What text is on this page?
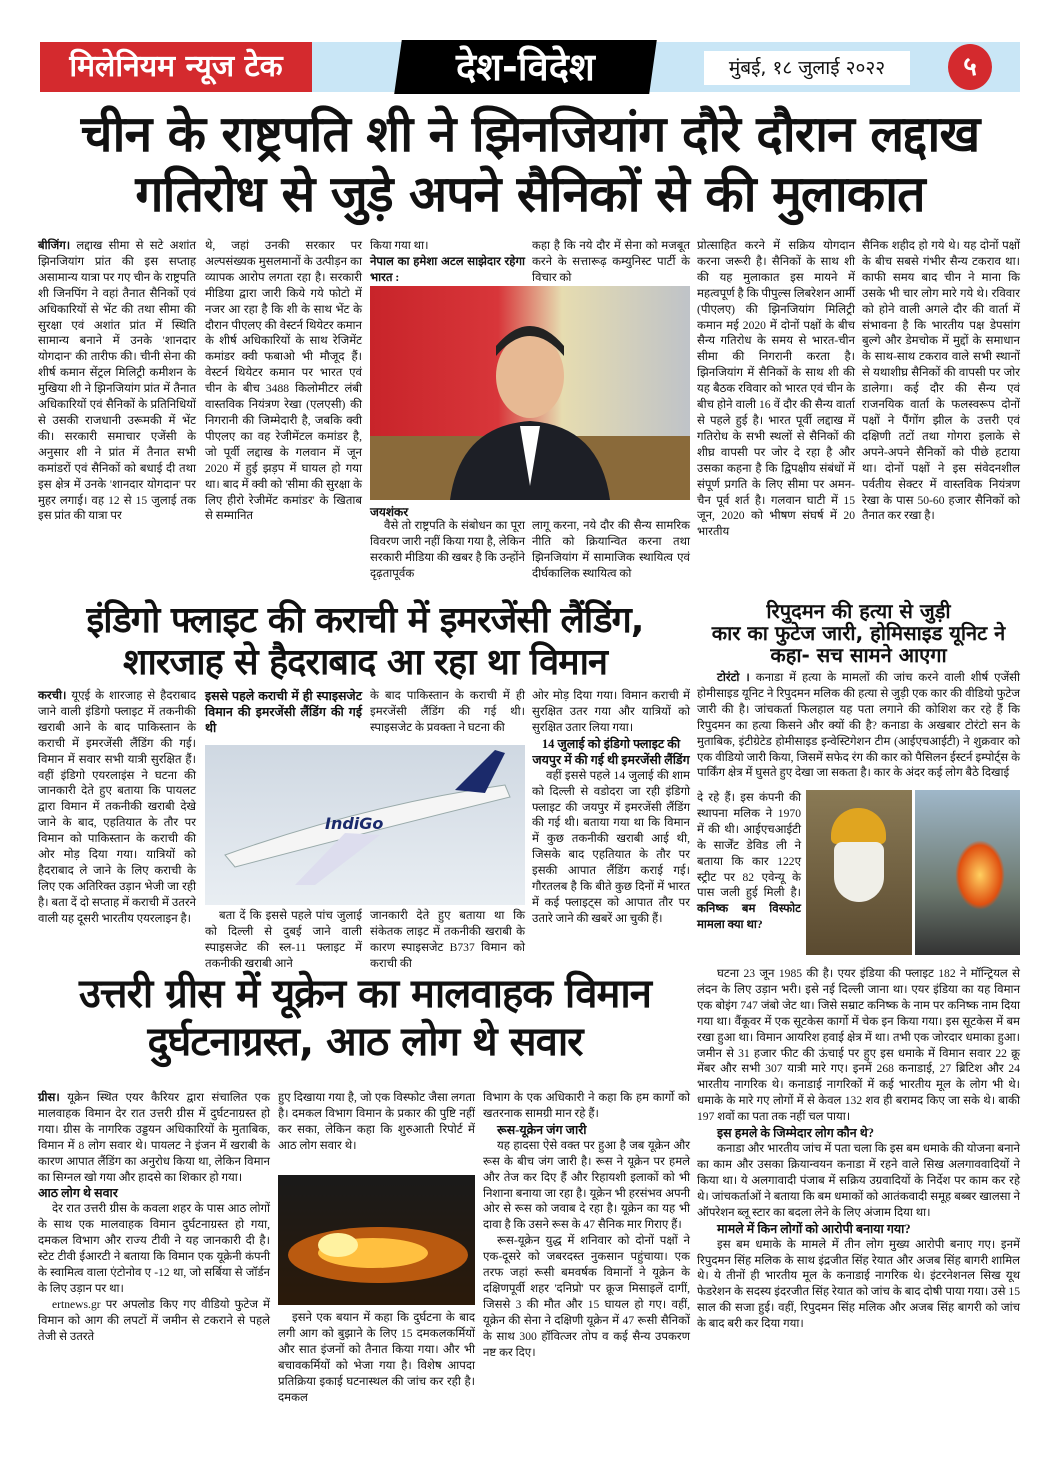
मिलेनियम न्यूज टेक	देश-विदेश	मुंबई, १८ जुलाई २०२२	५
चीन के राष्ट्रपति शी ने झिनजियांग दौरे दौरान लद्दाख
गतिरोध से जुड़े अपने सैनिकों से की मुलाकात
बीजिंग। लद्दाख सीमा से सटे अशांत झिनजियांग प्रांत की इस सप्ताह असामान्य यात्रा पर गए चीन के राष्ट्रपति शी जिनपिंग ने वहां तैनात सैनिकों एवं अधिकारियों से भेंट की तथा सीमा की सुरक्षा एवं अशांत प्रांत में स्थिति सामान्य बनाने में उनके 'शानदार योगदान' की तारीफ की। चीनी सेना की शीर्ष कमान सेंट्रल मिलिट्री कमीशन के मुखिया शी ने झिनजियांग प्रांत में तैनात अधिकारियों एवं सैनिकों के प्रतिनिधियों से उसकी राजधानी उरूमकी में भेंट की। सरकारी समाचार एजेंसी के अनुसार शी ने प्रांत में तैनात सभी कमांडरों एवं सैनिकों को बधाई दी तथा इस क्षेत्र में उनके 'शानदार योगदान' पर मुहर लगाई। वह 12 से 15 जुलाई तक इस प्रांत की यात्रा पर
थे, जहां उनकी सरकार पर अल्पसंख्यक मुसलमानों के उत्पीड़न का व्यापक आरोप लगता रहा है। सरकारी मीडिया द्वारा जारी किये गये फोटो में नजर आ रहा है कि शी के साथ भेंट के दौरान पीएलए की वेस्टर्न थियेटर कमान के शीर्ष अधिकारियों के साथ रेजिमेंट कमांडर क्वी फबाओ भी मौजूद हैं। वेस्टर्न थियेटर कमान पर भारत एवं चीन के बीच 3488 किलोमीटर लंबी वास्तविक नियंत्रण रेखा (एलएसी) की निगरानी की जिम्मेदारी है, जबकि क्वी पीएलए का वह रेजीमेंटल कमांडर है, जो पूर्वी लद्दाख के गलवान में जून 2020 में हुई झड़प में घायल हो गया था। बाद में क्वी को 'सीमा की सुरक्षा के लिए हीरो रेजीमेंट कमांडर' के खिताब से सम्मानित
किया गया था।
नेपाल का हमेशा अटल साझेदार रहेगा भारत :
कहा है कि नये दौर में सेना को मजबूत करने के सत्तारूढ़ कम्युनिस्ट पार्टी के विचार को
जयशंकर
वैसे तो राष्ट्रपति के संबोधन का पूरा विवरण जारी नहीं किया गया है, लेकिन सरकारी मीडिया की खबर है कि उन्होंने दृढ़तापूर्वक
लागू करना, नये दौर की सैन्य सामरिक नीति को क्रियान्वित करना तथा झिनजियांग में सामाजिक स्थायित्व एवं दीर्घकालिक स्थायित्व को
प्रोत्साहित करने में सक्रिय योगदान करना जरूरी है। सैनिकों के साथ शी की यह मुलाकात इस मायने में महत्वपूर्ण है कि पीपुल्स लिबरेशन आर्मी (पीएलए) की झिनजियांग मिलिट्री कमान मई 2020 में दोनों पक्षों के बीच सैन्य गतिरोध के समय से भारत-चीन सीमा की निगरानी करता है। झिनजियांग में सैनिकों के साथ शी की यह बैठक रविवार को भारत एवं चीन के बीच होने वाली 16 वें दौर की सैन्य वार्ता से पहले हुई है। भारत पूर्वी लद्दाख में गतिरोध के सभी स्थलों से सैनिकों की शीघ्र वापसी पर जोर दे रहा है और उसका कहना है कि द्विपक्षीय संबंधों में संपूर्ण प्रगति के लिए सीमा पर अमन-चैन पूर्व शर्त है। गलवान घाटी में 15 जून, 2020 को भीषण संघर्ष में 20 भारतीय
सैनिक शहीद हो गये थे। यह दोनों पक्षों के बीच सबसे गंभीर सैन्य टकराव था। काफी समय बाद चीन ने माना कि उसके भी चार लोग मारे गये थे। रविवार को होने वाली अगले दौर की वार्ता में संभावना है कि भारतीय पक्ष डेपसांग बुल्गे और डेमचोक में मुद्दों के समाधान के साथ-साथ टकराव वाले सभी स्थानों से यथाशीघ्र सैनिकों की वापसी पर जोर डालेगा। कई दौर की सैन्य एवं राजनयिक वार्ता के फलस्वरूप दोनों पक्षों ने पैंगोंग झील के उत्तरी एवं दक्षिणी तटों तथा गोगरा इलाके से अपने-अपने सैनिकों को पीछे हटाया था। दोनों पक्षों ने इस संवेदनशील पर्वतीय सेक्टर में वास्तविक नियंत्रण रेखा के पास 50-60 हजार सैनिकों को तैनात कर रखा है।
इंडिगो फ्लाइट की कराची में इमरजेंसी लैंडिंग,
शारजाह से हैदराबाद आ रहा था विमान
करची। यूएई के शारजाह से हैदराबाद जाने वाली इंडिगो फ्लाइट में तकनीकी खराबी आने के बाद पाकिस्तान के कराची में इमरजेंसी लैंडिंग की गई। विमान में सवार सभी यात्री सुरक्षित हैं। वहीं इंडिगो एयरलाइंस ने घटना की जानकारी देते हुए बताया कि पायलट द्वारा विमान में तकनीकी खराबी देखे जाने के बाद, एहतियात के तौर पर विमान को पाकिस्तान के कराची की ओर मोड़ दिया गया। यात्रियों को हैदराबाद ले जाने के लिए कराची के लिए एक अतिरिक्त उड़ान भेजी जा रही है। बता दें दो सप्ताह में कराची में उतरने वाली यह दूसरी भारतीय एयरलाइन है।
इससे पहले कराची में ही स्पाइसजेट विमान की इमरजेंसी लैंडिंग की गई थी
के बाद पाकिस्तान के कराची में ही इमरजेंसी लैंडिंग की गई थी। स्पाइसजेट के प्रवक्ता ने घटना की
IndiGo
बता दें कि इससे पहले पांच जुलाई को दिल्ली से दुबई जाने वाली स्पाइसजेट की स्ल-11 फ्लाइट में तकनीकी खराबी आने
जानकारी देते हुए बताया था कि संकेतक लाइट में तकनीकी खराबी के कारण स्पाइसजेट B737 विमान को कराची की
ओर मोड़ दिया गया। विमान कराची में सुरक्षित उतर गया और यात्रियों को सुरक्षित उतार लिया गया।
14 जुलाई को इंडिगो फ्लाइट की जयपुर में की गई थी इमरजेंसी लैंडिंग
वहीं इससे पहले 14 जुलाई की शाम को दिल्ली से वडोदरा जा रही इंडिगो फ्लाइट की जयपुर में इमरजेंसी लैंडिंग की गई थी। बताया गया था कि विमान में कुछ तकनीकी खराबी आई थी, जिसके बाद एहतियात के तौर पर इसकी आपात लैंडिंग कराई गई। गौरतलब है कि बीते कुछ दिनों में भारत में कई फ्लाइट्स को आपात तौर पर उतारे जाने की खबरें आ चुकी हैं।
रिपुदमन की हत्या से जुड़ी
कार का फुटेज जारी, होमिसाइड यूनिट ने
कहा- सच सामने आएगा
टोरंटो । कनाडा में हत्या के मामलों की जांच करने वाली शीर्ष एजेंसी होमीसाइड यूनिट ने रिपुदमन मलिक की हत्या से जुड़ी एक कार की वीडियो फुटेज जारी की है। जांचकर्ता फिलहाल यह पता लगाने की कोशिश कर रहे हैं कि रिपुदमन का हत्या किसने और क्यों की है? कनाडा के अखबार टोरंटो सन के मुताबिक, इंटीग्रेटेड होमीसाइड इन्वेस्टिगेशन टीम (आईएचआईटी) ने शुक्रवार को एक वीडियो जारी किया, जिसमें सफेद रंग की कार को पैसिलन ईस्टर्न इम्पोर्ट्स के पार्किंग क्षेत्र में घुसते हुए देखा जा सकता है। कार के अंदर कई लोग बैठे दिखाई
दे रहे हैं। इस कंपनी की स्थापना मलिक ने 1970 में की थी। आईएचआईटी के सार्जेंट डेविड ली ने बताया कि कार 122ए स्ट्रीट पर 82 एवेन्यू के पास जली हुई मिली है। कनिष्क बम विस्फोट मामला क्या था?
घटना 23 जून 1985 की है। एयर इंडिया की फ्लाइट 182 ने मॉन्ट्रियल से लंदन के लिए उड़ान भरी। इसे नई दिल्ली जाना था। एयर इंडिया का यह विमान एक बोइंग 747 जंबो जेट था। जिसे सम्राट कनिष्क के नाम पर कनिष्क नाम दिया गया था। वैंकूवर में एक सूटकेस कार्गो में चेक इन किया गया। इस सूटकेस में बम रखा हुआ था। विमान आयरिश हवाई क्षेत्र में था। तभी एक जोरदार धमाका हुआ। जमीन से 31 हजार फीट की ऊंचाई पर हुए इस धमाके में विमान सवार 22 क्रू मेंबर और सभी 307 यात्री मारे गए। इनमें 268 कनाडाई, 27 ब्रिटिश और 24 भारतीय नागरिक थे। कनाडाई नागरिकों में कई भारतीय मूल के लोग भी थे। धमाके के मारे गए लोगों में से केवल 132 शव ही बरामद किए जा सके थे। बाकी 197 शवों का पता तक नहीं चल पाया।
इस हमले के जिम्मेदार लोग कौन थे?
कनाडा और भारतीय जांच में पता चला कि इस बम धमाके की योजना बनाने का काम और उसका क्रियान्वयन कनाडा में रहने वाले सिख अलगाववादियों ने किया था। ये अलगावादी पंजाब में सक्रिय उग्रवादियों के निर्देश पर काम कर रहे थे। जांचकर्ताओं ने बताया कि बम धमाकों को आतंकवादी समूह बब्बर खालसा ने ऑपरेशन ब्लू स्टार का बदला लेने के लिए अंजाम दिया था।
मामले में किन लोगों को आरोपी बनाया गया?
इस बम धमाके के मामले में तीन लोग मुख्य आरोपी बनाए गए। इनमें रिपुदमन सिंह मलिक के साथ इंद्रजीत सिंह रेयात और अजब सिंह बागरी शामिल थे। ये तीनों ही भारतीय मूल के कनाडाई नागरिक थे। इंटरनेशनल सिख यूथ फेडरेशन के सदस्य इंदरजीत सिंह रेयात को जांच के बाद दोषी पाया गया। उसे 15 साल की सजा हुई। वहीं, रिपुदमन सिंह मलिक और अजब सिंह बागरी को जांच के बाद बरी कर दिया गया।
उत्तरी ग्रीस में यूक्रेन का मालवाहक विमान
दुर्घटनाग्रस्त, आठ लोग थे सवार
ग्रीस। यूक्रेन स्थित एयर कैरियर द्वारा संचालित एक मालवाहक विमान देर रात उत्तरी ग्रीस में दुर्घटनाग्रस्त हो गया। ग्रीस के नागरिक उड्डयन अधिकारियों के मुताबिक, विमान में 8 लोग सवार थे। पायलट ने इंजन में खराबी के कारण आपात लैंडिंग का अनुरोध किया था, लेकिन विमान का सिग्नल खो गया और हादसे का शिकार हो गया।
आठ लोग थे सवार
देर रात उत्तरी ग्रीस के कवला शहर के पास आठ लोगों के साथ एक मालवाहक विमान दुर्घटनाग्रस्त हो गया, दमकल विभाग और राज्य टीवी ने यह जानकारी दी है। स्टेट टीवी ईआरटी ने बताया कि विमान एक यूक्रेनी कंपनी के स्वामित्व वाला एंटोनोव ए -12 था, जो सर्बिया से जॉर्डन के लिए उड़ान पर था।
ertnews.gr पर अपलोड किए गए वीडियो फुटेज में विमान को आग की लपटों में जमीन से टकराने से पहले तेजी से उतरते
हुए दिखाया गया है, जो एक विस्फोट जैसा लगता है। दमकल विभाग विमान के प्रकार की पुष्टि नहीं कर सका, लेकिन कहा कि शुरुआती रिपोर्ट में आठ लोग सवार थे।
इसने एक बयान में कहा कि दुर्घटना के बाद लगी आग को बुझाने के लिए 15 दमकलकर्मियों और सात इंजनों को तैनात किया गया। और भी बचावकर्मियों को भेजा गया है। विशेष आपदा प्रतिक्रिया इकाई घटनास्थल की जांच कर रही है। दमकल
विभाग के एक अधिकारी ने कहा कि हम कार्गो को खतरनाक सामग्री मान रहे हैं।
रूस-यूक्रेन जंग जारी
यह हादसा ऐसे वक्त पर हुआ है जब यूक्रेन और रूस के बीच जंग जारी है। रूस ने यूक्रेन पर हमले और तेज कर दिए हैं और रिहायशी इलाकों को भी निशाना बनाया जा रहा है। यूक्रेन भी हरसंभव अपनी ओर से रूस को जवाब दे रहा है। यूक्रेन का यह भी दावा है कि उसने रूस के 47 सैनिक मार गिराए हैं।
रूस-यूक्रेन युद्ध में शनिवार को दोनों पक्षों ने एक-दूसरे को जबरदस्त नुकसान पहुंचाया। एक तरफ जहां रूसी बमवर्षक विमानों ने यूक्रेन के दक्षिणपूर्वी शहर 'दनिप्रो' पर क्रूज मिसाइलें दागीं, जिससे 3 की मौत और 15 घायल हो गए। वहीं, यूक्रेन की सेना ने दक्षिणी यूक्रेन में 47 रूसी सैनिकों के साथ 300 हॉवित्जर तोप व कई सैन्य उपकरण नष्ट कर दिए।
